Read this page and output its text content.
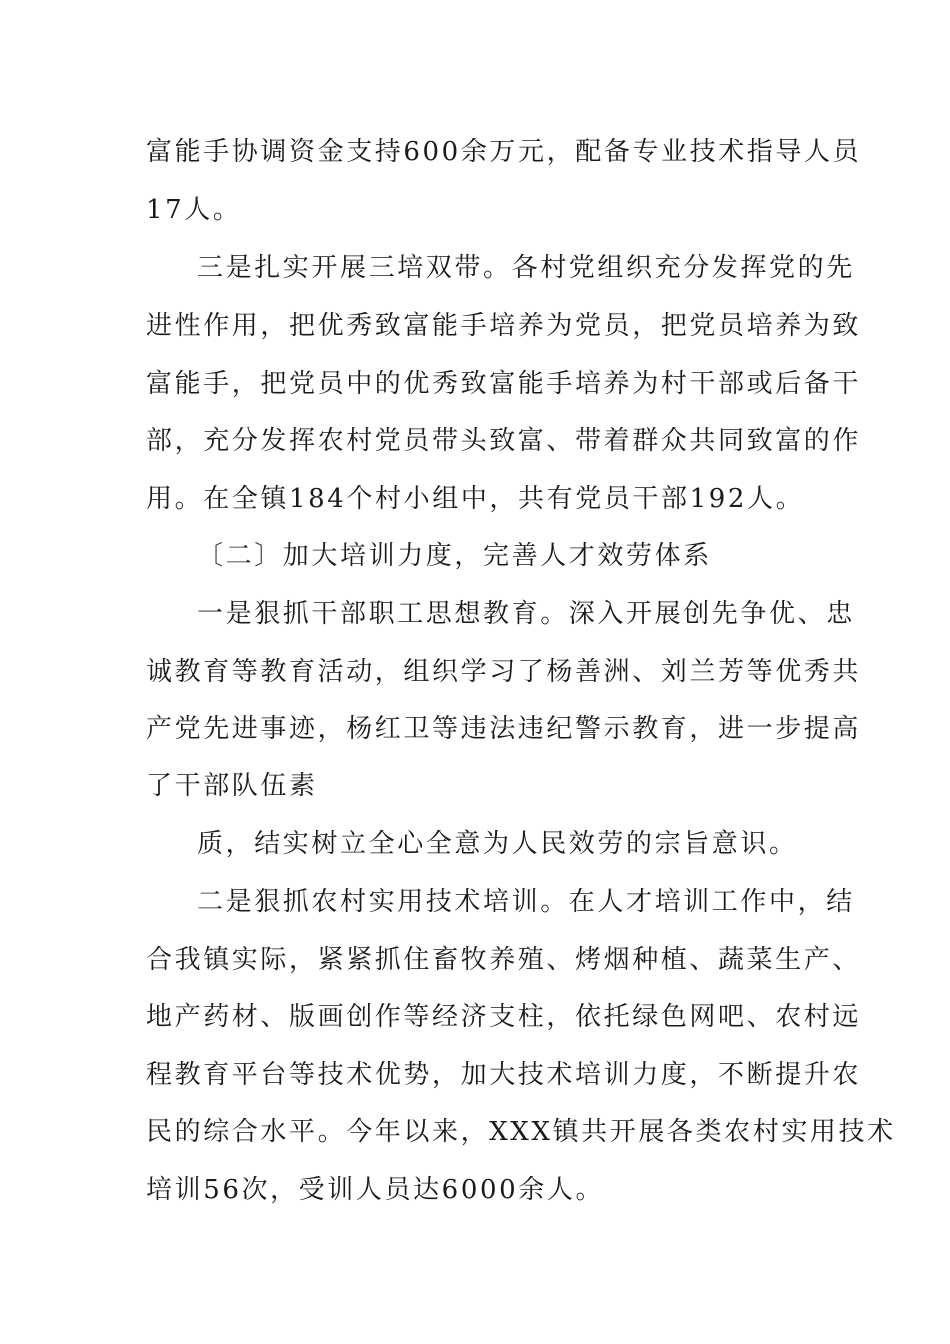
富能手协调资金支持600余万元，配备专业技术指导人员
17人。
三是扎实开展三培双带。各村党组织充分发挥党的先
进性作用，把优秀致富能手培养为党员，把党员培养为致
富能手，把党员中的优秀致富能手培养为村干部或后备干
部，充分发挥农村党员带头致富、带着群众共同致富的作
用。在全镇184个村小组中，共有党员干部192人。
〔二〕加大培训力度，完善人才效劳体系
一是狠抓干部职工思想教育。深入开展创先争优、忠
诚教育等教育活动，组织学习了杨善洲、刘兰芳等优秀共
产党先进事迹，杨红卫等违法违纪警示教育，进一步提高
了干部队伍素
质，结实树立全心全意为人民效劳的宗旨意识。
二是狠抓农村实用技术培训。在人才培训工作中，结
合我镇实际，紧紧抓住畜牧养殖、烤烟种植、蔬菜生产、
地产药材、版画创作等经济支柱，依托绿色网吧、农村远
程教育平台等技术优势，加大技术培训力度，不断提升农
民的综合水平。今年以来，XXX镇共开展各类农村实用技术
培训56次，受训人员达6000余人。
